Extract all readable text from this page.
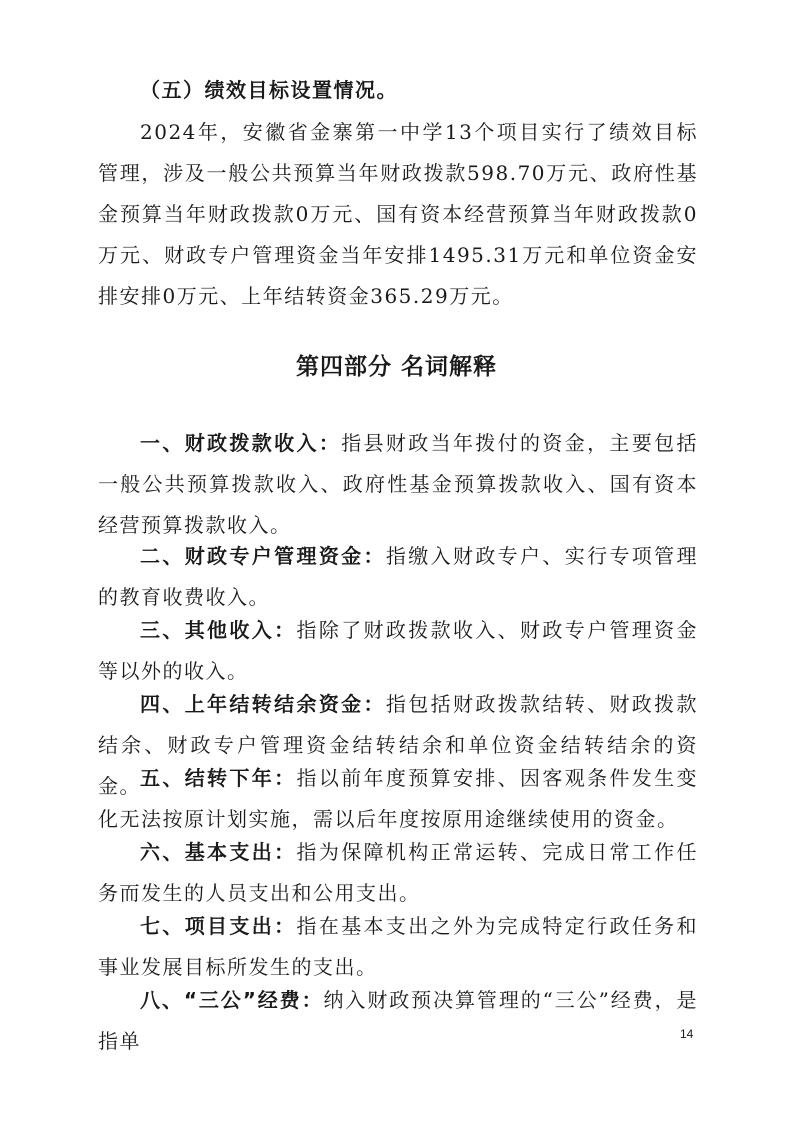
（五）绩效目标设置情况。

2024年，安徽省金寨第一中学13个项目实行了绩效目标管理，涉及一般公共预算当年财政拨款598.70万元、政府性基金预算当年财政拨款0万元、国有资本经营预算当年财政拨款0万元、财政专户管理资金当年安排1495.31万元和单位资金安排安排0万元、上年结转资金365.29万元。

第四部分 名词解释

一、财政拨款收入：指县财政当年拨付的资金，主要包括一般公共预算拨款收入、政府性基金预算拨款收入、国有资本经营预算拨款收入。

二、财政专户管理资金：指缴入财政专户、实行专项管理的教育收费收入。

三、其他收入：指除了财政拨款收入、财政专户管理资金等以外的收入。

四、上年结转结余资金：指包括财政拨款结转、财政拨款结余、财政专户管理资金结转结余和单位资金结转结余的资金。 五、结转下年：指以前年度预算安排、因客观条件发生变化无法按原计划实施，需以后年度按原用途继续使用的资金。

六、基本支出：指为保障机构正常运转、完成日常工作任务而发生的人员支出和公用支出。

七、项目支出：指在基本支出之外为完成特定行政任务和事业发展目标所发生的支出。

八、“三公”经费：纳入财政预决算管理的“三公”经费，是指单	14
